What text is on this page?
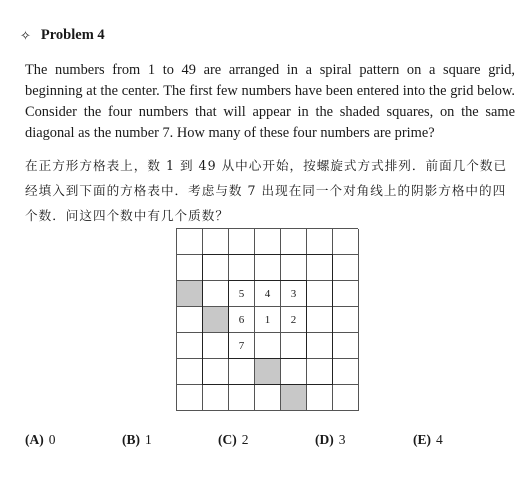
✧ Problem 4
The numbers from 1 to 49 are arranged in a spiral pattern on a square grid, beginning at the center. The first few numbers have been entered into the grid below. Consider the four numbers that will appear in the shaded squares, on the same diagonal as the number 7. How many of these four numbers are prime?
在正方形方格表上，数 1 到 49 从中心开始，按螺旋式方式排列．前面几个数已经填入到下面的方格表中．考虑与数 7 出现在同一个对角线上的阴影方格中的四个数．问这四个数中有几个质数？
5	4	3
6	1	2
7
(A) 0	(B) 1	(C) 2	(D) 3	(E) 4
